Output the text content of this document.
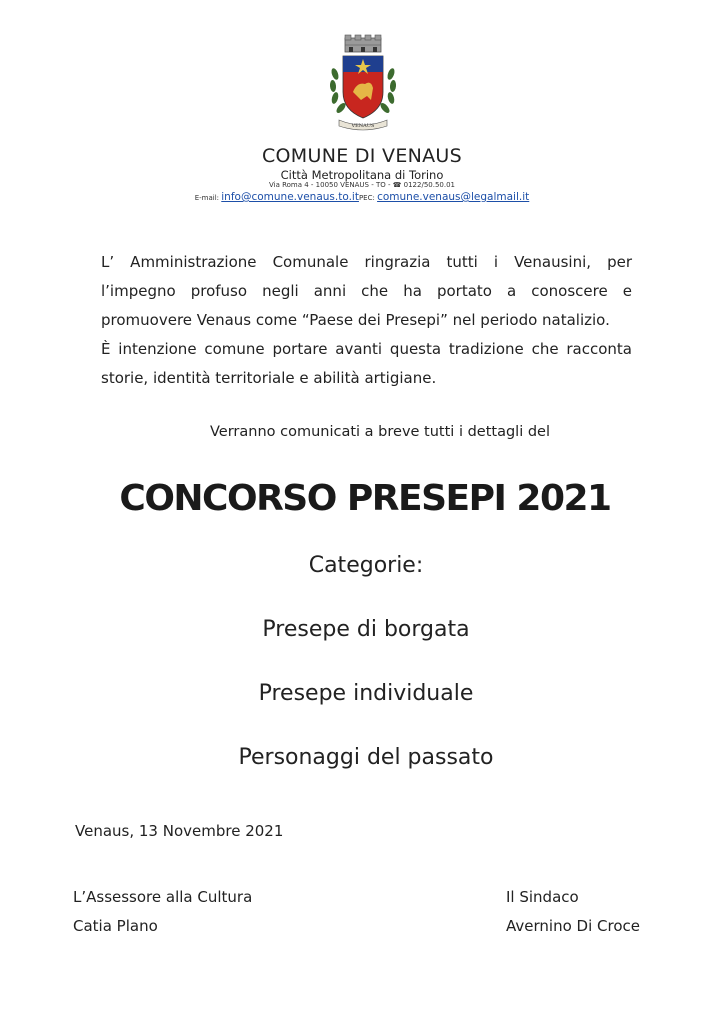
VENAUS
COMUNE DI VENAUS
Città Metropolitana di Torino
Via Roma 4 - 10050 VENAUS - TO - ☎ 0122/50.50.01
E-mail: info@comune.venaus.to.itPEC: comune.venaus@legalmail.it

L’ Amministrazione Comunale ringrazia tutti i Venausini, per l’impegno profuso negli anni che ha portato a conoscere e promuovere Venaus come “Paese dei Presepi” nel periodo natalizio.

È intenzione comune portare avanti questa tradizione che racconta storie, identità territoriale e abilità artigiane.

Verranno comunicati a breve tutti i dettagli del
CONCORSO PRESEPI 2021
Categorie:
Presepe di borgata
Presepe individuale
Personaggi del passato
Venaus, 13 Novembre 2021
L’Assessore alla Cultura
Catia Plano
Il Sindaco
Avernino Di Croce
